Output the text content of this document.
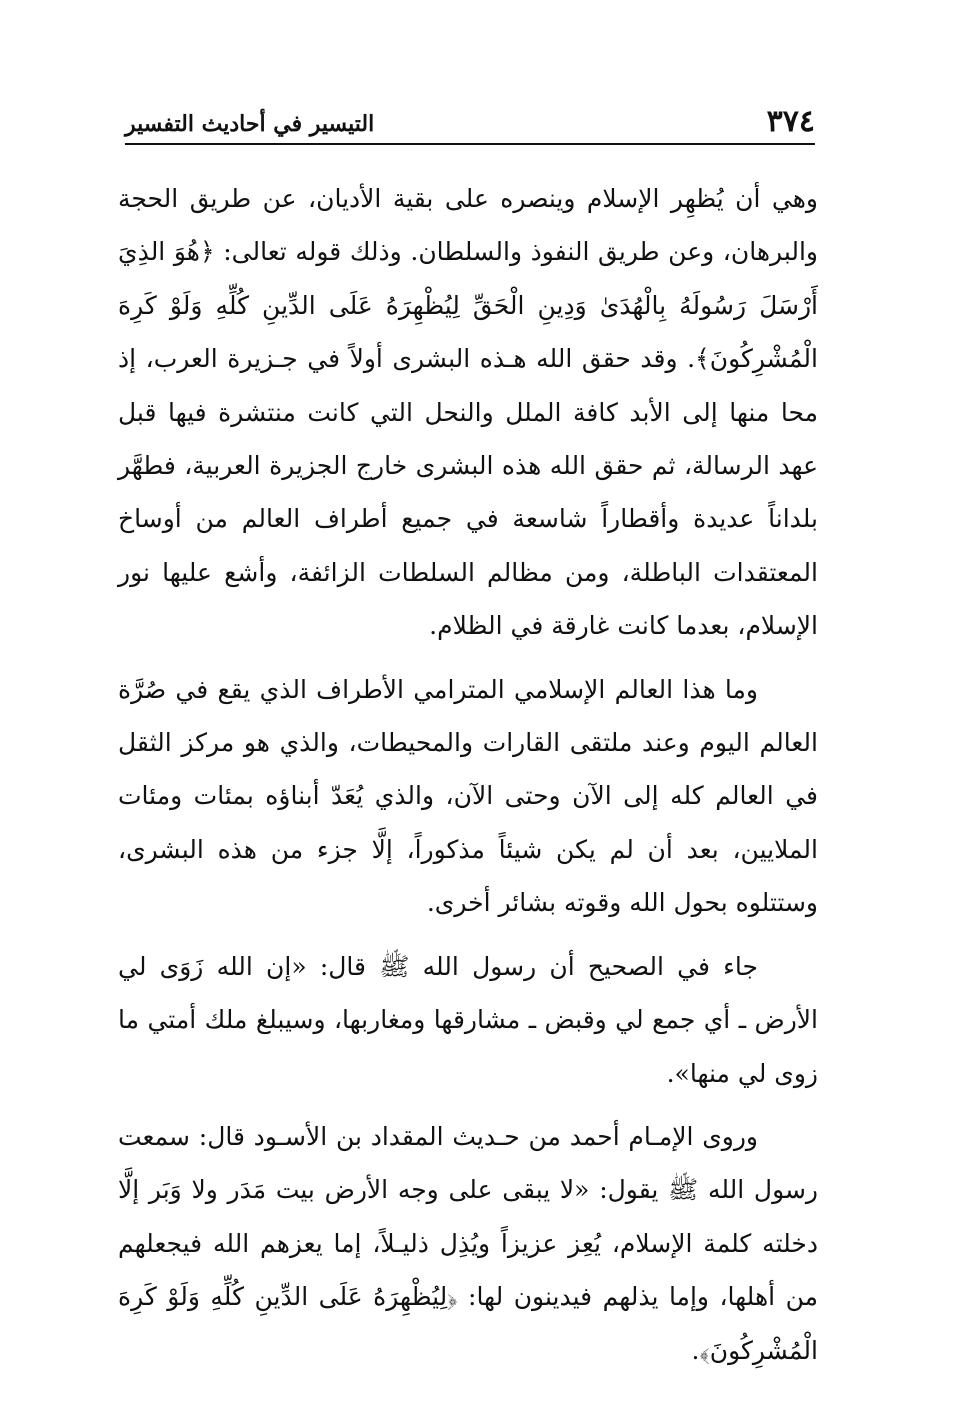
٣٧٤
التيسير في أحاديث التفسير

وهي أن يُظهِر الإسلام وينصره على بقية الأديان، عن طريق الحجة والبرهان، وعن طريق النفوذ والسلطان. وذلك قوله تعالى: ﴿هُوَ الذِيَ أَرْسَلَ رَسُولَهُ بِالْهُدَىٰ وَدِينِ الْحَقِّ لِيُظْهِرَهُ عَلَى الدِّينِ كُلِّهِ وَلَوْ كَرِهَ الْمُشْرِكُونَ﴾. وقد حقق الله هـذه البشرى أولاً في جـزيرة العرب، إذ محا منها إلى الأبد كافة الملل والنحل التي كانت منتشرة فيها قبل عهد الرسالة، ثم حقق الله هذه البشرى خارج الجزيرة العربية، فطهَّر بلداناً عديدة وأقطاراً شاسعة في جميع أطراف العالم من أوساخ المعتقدات الباطلة، ومن مظالم السلطات الزائفة، وأشع عليها نور الإسلام، بعدما كانت غارقة في الظلام.

وما هذا العالم الإسلامي المترامي الأطراف الذي يقع في صُرَّة العالم اليوم وعند ملتقى القارات والمحيطات، والذي هو مركز الثقل في العالم كله إلى الآن وحتى الآن، والذي يُعَدّ أبناؤه بمئات ومئات الملايين، بعد أن لم يكن شيئاً مذكوراً، إلَّا جزء من هذه البشرى، وستتلوه بحول الله وقوته بشائر أخرى.

جاء في الصحيح أن رسول الله ﷺ قال: «إن الله زَوَى لي الأرض ـ أي جمع لي وقبض ـ مشارقها ومغاربها، وسيبلغ ملك أمتي ما زوى لي منها».

وروى الإمـام أحمد من حـديث المقداد بن الأسـود قال: سمعت رسول الله ﷺ يقول: «لا يبقى على وجه الأرض بيت مَدَر ولا وَبَر إلَّا دخلته كلمة الإسلام، يُعِز عزيزاً ويُذِل ذليـلاً، إما يعزهم الله فيجعلهم من أهلها، وإما يذلهم فيدينون لها: ﴿لِيُظْهِرَهُ عَلَى الدِّينِ كُلِّهِ وَلَوْ كَرِهَ الْمُشْرِكُونَ﴾.
